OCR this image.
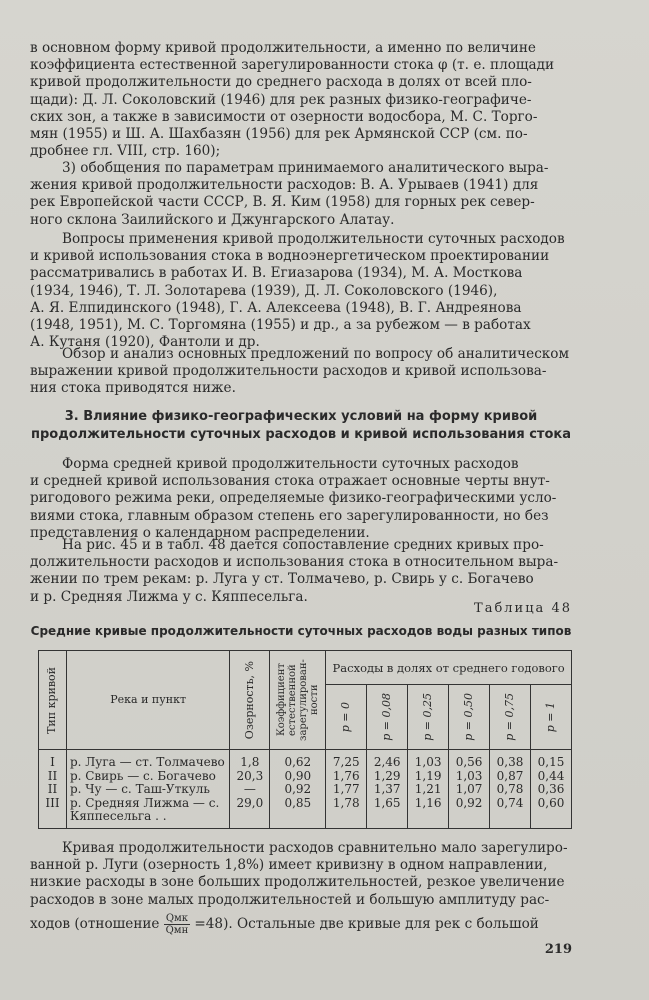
в основном форму кривой продолжительности, а именно по величине
коэффициента естественной зарегулированности стока φ (т. е. площади
кривой продолжительности до среднего расхода в долях от всей пло-
щади): Д. Л. Соколовский (1946) для рек разных физико-географиче-
ских зон, а также в зависимости от озерности водосбора, М. С. Торго-
мян (1955) и Ш. А. Шахбазян (1956) для рек Армянской ССР (см. по-
дробнее гл. VIII, стр. 160);
3) обобщения по параметрам принимаемого аналитического выра-
жения кривой продолжительности расходов: В. А. Урываев (1941) для
рек Европейской части СССР, В. Я. Ким (1958) для горных рек север-
ного склона Заилийского и Джунгарского Алатау.
Вопросы применения кривой продолжительности суточных расходов
и кривой использования стока в водноэнергетическом проектировании
рассматривались в работах И. В. Егиазарова (1934), М. А. Мосткова
(1934, 1946), Т. Л. Золотарева (1939), Д. Л. Соколовского (1946),
А. Я. Елпидинского (1948), Г. А. Алексеева (1948), В. Г. Андреянова
(1948, 1951), М. С. Торгомяна (1955) и др., а за рубежом — в работах
А. Кутаня (1920), Фантоли и др.
Обзор и анализ основных предложений по вопросу об аналитическом
выражении кривой продолжительности расходов и кривой использова-
ния стока приводятся ниже.
3. Влияние физико-географических условий на форму кривой
продолжительности суточных расходов и кривой использования стока
Форма средней кривой продолжительности суточных расходов
и средней кривой использования стока отражает основные черты внут-
ригодового режима реки, определяемые физико-географическими усло-
виями стока, главным образом степень его зарегулированности, но без
представления о календарном распределении.
На рис. 45 и в табл. 48 дается сопоставление средних кривых про-
должительности расходов и использования стока в относительном выра-
жении по трем рекам: р. Луга у ст. Толмачево, р. Свирь у с. Богачево
и р. Средняя Лижма у с. Кяппесельга.
Таблица 48
Средние кривые продолжительности суточных расходов воды разных типов
Тип кривой	Река и пункт	Озерность, %	Коэффициент естественной зарегулирован- ности	Расходы в долях от среднего годового					

				p = 0	p = 0,08	p = 0,25	p = 0,50	p = 0,75	p = 1

I	р. Луга — ст. Толмачево	1,8	0,62	7,25	2,46	1,03	0,56	0,38	0,15
II	р. Свирь — с. Богачево	20,3	0,90	1,76	1,29	1,19	1,03	0,87	0,44
II	р. Чу — с. Таш-Уткуль	—	0,92	1,77	1,37	1,21	1,07	0,78	0,36
III	р. Средняя Лижма — с. Кяппесельга . .	29,0	0,85	1,78	1,65	1,16	0,92	0,74	0,60
Кривая продолжительности расходов сравнительно мало зарегулиро-
ванной р. Луги (озерность 1,8%) имеет кривизну в одном направлении,
низкие расходы в зоне больших продолжительностей, резкое увеличение
расходов в зоне малых продолжительностей и большую амплитуду рас-
ходов (отношение $\frac{\text{Qмк}}{\text{Qмн}} =48$). Остальные две кривые для рек с большой
219
